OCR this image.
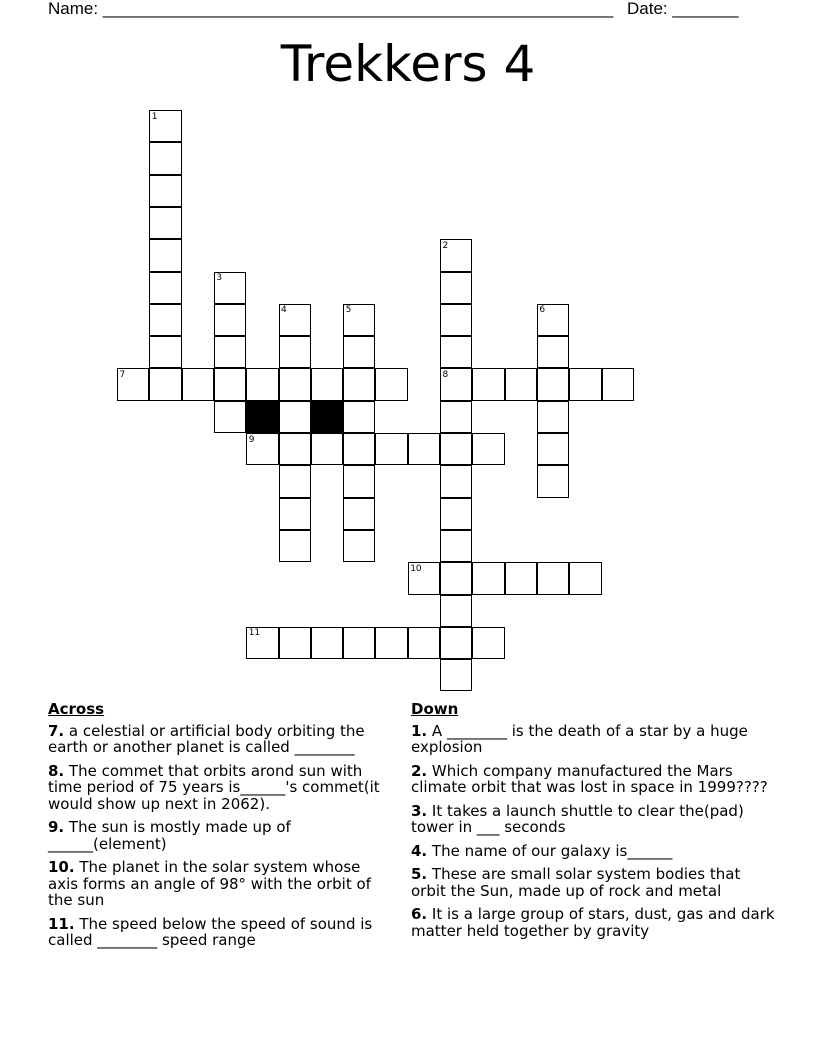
Name: ______________________________________________________ Date: _______
Trekkers 4
1
2
3
4	5	6
7	8
9
10
11
Across
7. a celestial or artificial body orbiting the earth or another planet is called ________
8. The commet that orbits arond sun with time period of 75 years is______'s commet(it would show up next in 2062).
9. The sun is mostly made up of ______(element)
10. The planet in the solar system whose axis forms an angle of 98° with the orbit of the sun
11. The speed below the speed of sound is called ________ speed range
Down
1. A ________ is the death of a star by a huge explosion
2. Which company manufactured the Mars climate orbit that was lost in space in 1999????
3. It takes a launch shuttle to clear the(pad) tower in ___ seconds
4. The name of our galaxy is______
5. These are small solar system bodies that orbit the Sun, made up of rock and metal
6. It is a large group of stars, dust, gas and dark matter held together by gravity
